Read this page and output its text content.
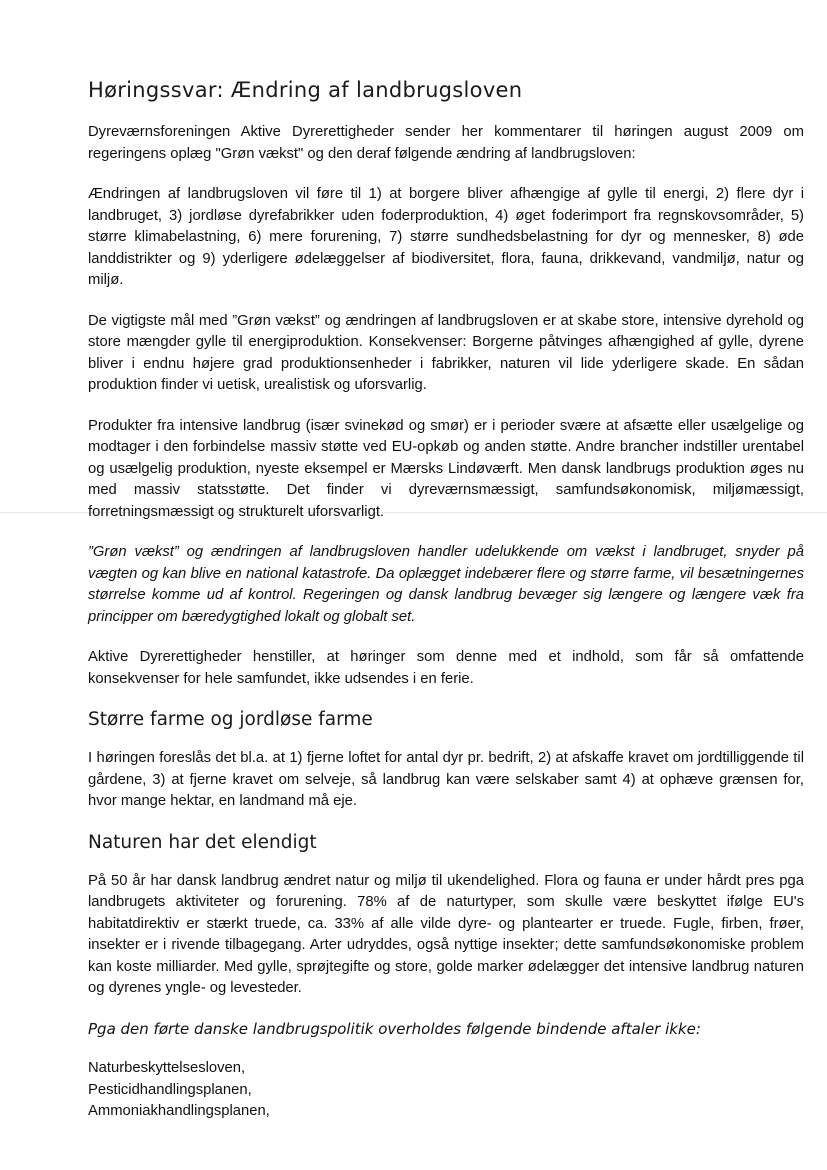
Høringssvar: Ændring af landbrugsloven

Dyreværnsforeningen Aktive Dyrerettigheder sender her kommentarer til høringen august 2009 om regeringens oplæg "Grøn vækst" og den deraf følgende ændring af landbrugsloven:

Ændringen af landbrugsloven vil føre til 1) at borgere bliver afhængige af gylle til energi, 2) flere dyr i landbruget, 3) jordløse dyrefabrikker uden foderproduktion, 4) øget foderimport fra regnskovsområder, 5) større klimabelastning, 6) mere forurening, 7) større sundhedsbelastning for dyr og mennesker, 8) øde landdistrikter og 9) yderligere ødelæggelser af biodiversitet, flora, fauna, drikkevand, vandmiljø, natur og miljø.

De vigtigste mål med ”Grøn vækst” og ændringen af landbrugsloven er at skabe store, intensive dyrehold og store mængder gylle til energiproduktion. Konsekvenser: Borgerne påtvinges afhængighed af gylle, dyrene bliver i endnu højere grad produktionsenheder i fabrikker, naturen vil lide yderligere skade. En sådan produktion finder vi uetisk, urealistisk og uforsvarlig.

Produkter fra intensive landbrug (især svinekød og smør) er i perioder svære at afsætte eller usælgelige og modtager i den forbindelse massiv støtte ved EU-opkøb og anden støtte. Andre brancher indstiller urentabel og usælgelig produktion, nyeste eksempel er Mærsks Lindøværft. Men dansk landbrugs produktion øges nu med massiv statsstøtte. Det finder vi dyreværnsmæssigt, samfundsøkonomisk, miljømæssigt, forretningsmæssigt og strukturelt uforsvarligt.

”Grøn vækst” og ændringen af landbrugsloven handler udelukkende om vækst i landbruget, snyder på vægten og kan blive en national katastrofe. Da oplægget indebærer flere og større farme, vil besætningernes størrelse komme ud af kontrol. Regeringen og dansk landbrug bevæger sig længere og længere væk fra principper om bæredygtighed lokalt og globalt set.

Aktive Dyrerettigheder henstiller, at høringer som denne med et indhold, som får så omfattende konsekvenser for hele samfundet, ikke udsendes i en ferie.

Større farme og jordløse farme

I høringen foreslås det bl.a. at 1) fjerne loftet for antal dyr pr. bedrift, 2) at afskaffe kravet om jordtilliggende til gårdene, 3) at fjerne kravet om selveje, så landbrug kan være selskaber samt 4) at ophæve grænsen for, hvor mange hektar, en landmand må eje.

Naturen har det elendigt

På 50 år har dansk landbrug ændret natur og miljø til ukendelighed. Flora og fauna er under hårdt pres pga landbrugets aktiviteter og forurening. 78% af de naturtyper, som skulle være beskyttet ifølge EU's habitatdirektiv er stærkt truede, ca. 33% af alle vilde dyre- og plantearter er truede. Fugle, firben, frøer, insekter er i rivende tilbagegang. Arter udryddes, også nyttige insekter; dette samfundsøkonomiske problem kan koste milliarder. Med gylle, sprøjtegifte og store, golde marker ødelægger det intensive landbrug naturen og dyrenes yngle- og levesteder.

Pga den førte danske landbrugspolitik overholdes følgende bindende aftaler ikke:

Naturbeskyttelsesloven,
Pesticidhandlingsplanen,
Ammoniakhandlingsplanen,
